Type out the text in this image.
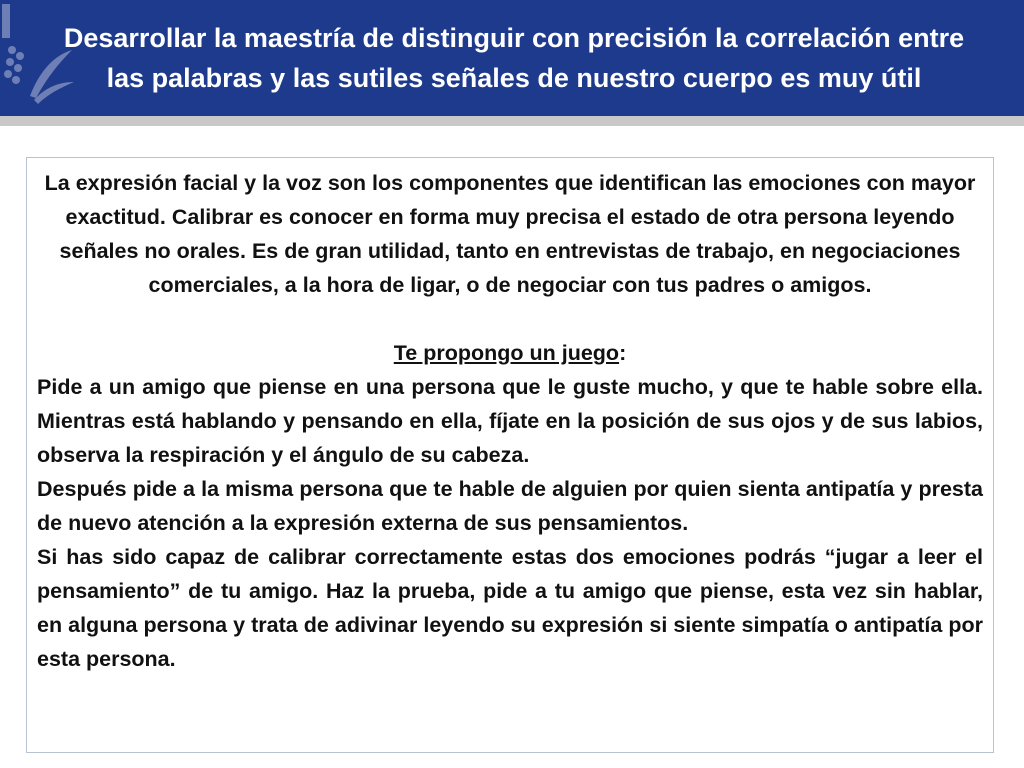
Desarrollar la maestría de distinguir con precisión la correlación entre
las palabras y las sutiles señales de nuestro cuerpo es muy útil

La expresión facial y la voz son los componentes que identifican las emociones con mayor exactitud. Calibrar es conocer en forma muy precisa el estado de otra persona leyendo señales no orales. Es de gran utilidad, tanto en entrevistas de trabajo, en negociaciones comerciales, a la hora de ligar, o de negociar con tus padres o amigos.

Te propongo un juego:

Pide a un amigo que piense en una persona que le guste mucho, y que te hable sobre ella. Mientras está hablando y pensando en ella, fíjate en la posición de sus ojos y de sus labios, observa la respiración y el ángulo de su cabeza.

Después pide a la misma persona que te hable de alguien por quien sienta antipatía y presta de nuevo atención a la expresión externa de sus pensamientos.

Si has sido capaz de calibrar correctamente estas dos emociones podrás “jugar a leer el pensamiento” de tu amigo. Haz la prueba, pide a tu amigo que piense, esta vez sin hablar, en alguna persona y trata de adivinar leyendo su expresión si siente simpatía o antipatía por esta persona.
